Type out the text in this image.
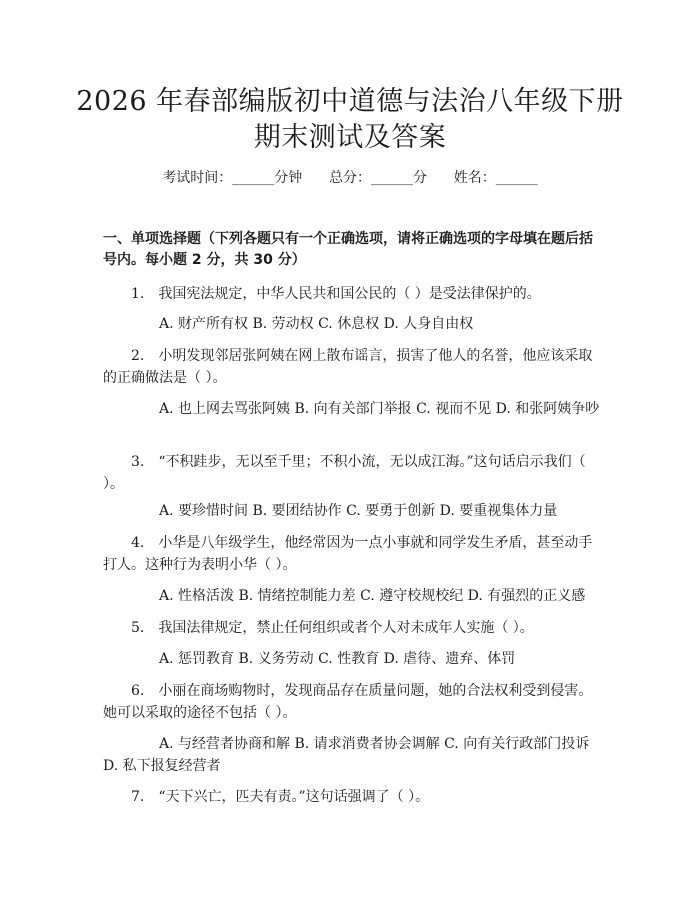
2026 年春部编版初中道德与法治八年级下册
期末测试及答案
考试时间：______分钟      总分：______分      姓名：______
一、单项选择题（下列各题只有一个正确选项，请将正确选项的字母填在题后括号内。每小题 2 分，共 30 分）
1.　我国宪法规定，中华人民共和国公民的（ ）是受法律保护的。
A. 财产所有权 B. 劳动权 C. 休息权 D. 人身自由权
2.　小明发现邻居张阿姨在网上散布谣言，损害了他人的名誉，他应该采取的正确做法是（ ）。
A. 也上网去骂张阿姨 B. 向有关部门举报 C. 视而不见 D. 和张阿姨争吵
3.　“不积跬步，无以至千里；不积小流，无以成江海。”这句话启示我们（ ）。
A. 要珍惜时间 B. 要团结协作 C. 要勇于创新 D. 要重视集体力量
4.　小华是八年级学生，他经常因为一点小事就和同学发生矛盾，甚至动手打人。这种行为表明小华（ ）。
A. 性格活泼 B. 情绪控制能力差 C. 遵守校规校纪 D. 有强烈的正义感
5.　我国法律规定，禁止任何组织或者个人对未成年人实施（ ）。
A. 惩罚教育 B. 义务劳动 C. 性教育 D. 虐待、遗弃、体罚
6.　小丽在商场购物时，发现商品存在质量问题，她的合法权利受到侵害。她可以采取的途径不包括（ ）。
A. 与经营者协商和解 B. 请求消费者协会调解 C. 向有关行政部门投诉 D. 私下报复经营者
7.　“天下兴亡，匹夫有责。”这句话强调了（ ）。
